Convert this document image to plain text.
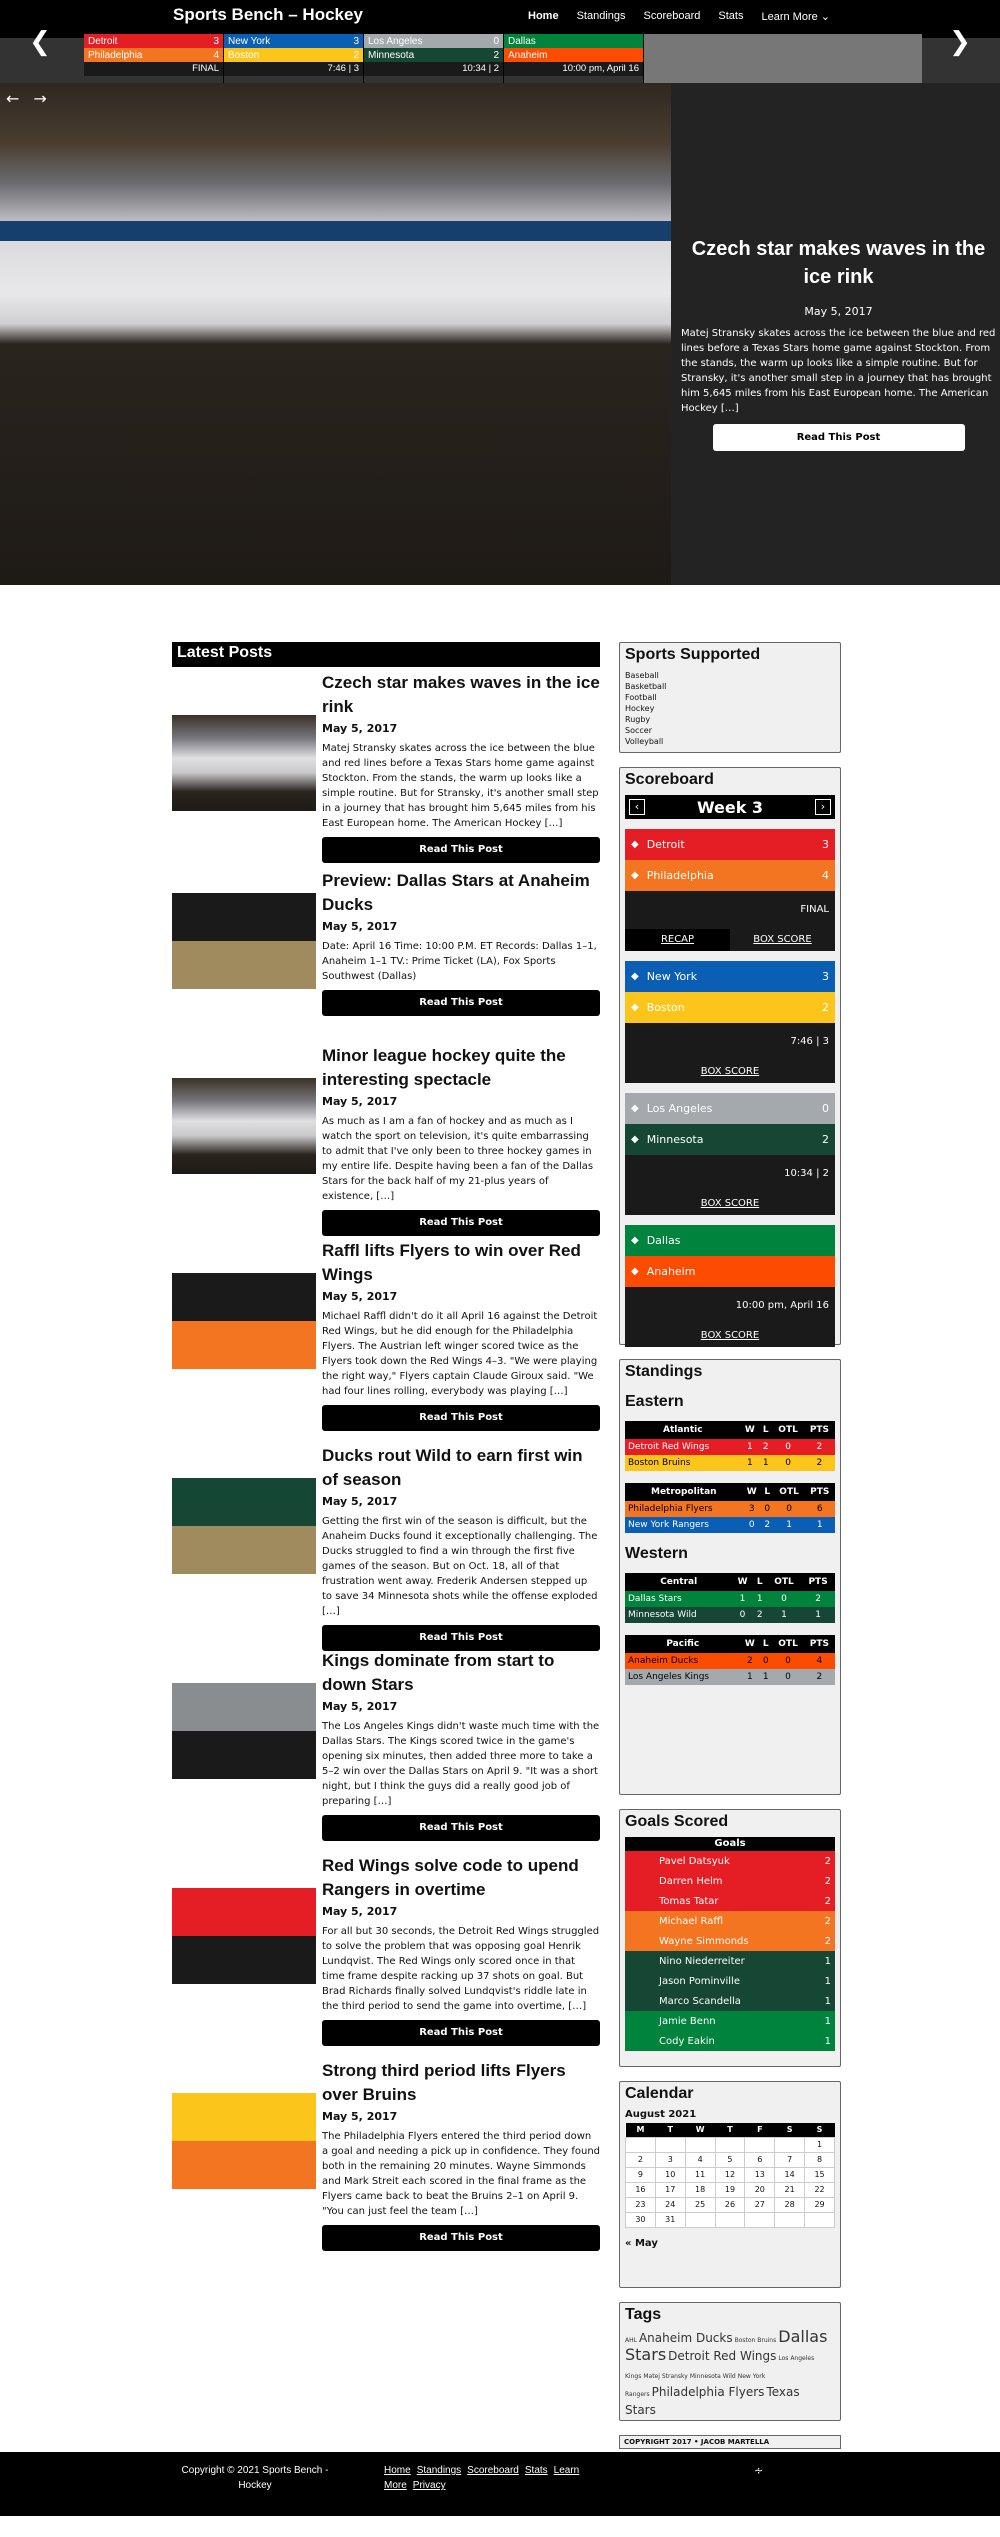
Sports Bench – Hockey	Home Standings Scoreboard Stats Learn More ⌄
❮	Detroit	3
Philadelphia	4
FINAL
New York	3
Boston	2
7:46 | 3
Los Angeles	0
Minnesota	2
10:34 | 2
Dallas
Anaheim
10:00 pm, April 16
❯
← →
Czech star makes waves in the ice rink
May 5, 2017
Matej Stransky skates across the ice between the blue and red lines before a Texas Stars home game against Stockton. From the stands, the warm up looks like a simple routine. But for Stransky, it's another small step in a journey that has brought him 5,645 miles from his East European home. The American Hockey […]
Read This Post
Latest Posts
Czech star makes waves in the ice rink
May 5, 2017
Matej Stransky skates across the ice between the blue and red lines before a Texas Stars home game against Stockton. From the stands, the warm up looks like a simple routine. But for Stransky, it's another small step in a journey that has brought him 5,645 miles from his East European home. The American Hockey […]
Read This Post
Preview: Dallas Stars at Anaheim Ducks
May 5, 2017
Date: April 16 Time: 10:00 P.M. ET Records: Dallas 1–1, Anaheim 1–1 TV.: Prime Ticket (LA), Fox Sports Southwest (Dallas)
Read This Post
Minor league hockey quite the interesting spectacle
May 5, 2017
As much as I am a fan of hockey and as much as I watch the sport on television, it's quite embarrassing to admit that I've only been to three hockey games in my entire life. Despite having been a fan of the Dallas Stars for the back half of my 21-plus years of existence, […]
Read This Post
Raffl lifts Flyers to win over Red Wings
May 5, 2017
Michael Raffl didn't do it all April 16 against the Detroit Red Wings, but he did enough for the Philadelphia Flyers. The Austrian left winger scored twice as the Flyers took down the Red Wings 4–3. "We were playing the right way," Flyers captain Claude Giroux said. "We had four lines rolling, everybody was playing […]
Read This Post
Ducks rout Wild to earn first win of season
May 5, 2017
Getting the first win of the season is difficult, but the Anaheim Ducks found it exceptionally challenging. The Ducks struggled to find a win through the first five games of the season. But on Oct. 18, all of that frustration went away. Frederik Andersen stepped up to save 34 Minnesota shots while the offense exploded […]
Read This Post
Kings dominate from start to down Stars
May 5, 2017
The Los Angeles Kings didn't waste much time with the Dallas Stars. The Kings scored twice in the game's opening six minutes, then added three more to take a 5–2 win over the Dallas Stars on April 9. "It was a short night, but I think the guys did a really good job of preparing […]
Read This Post
Red Wings solve code to upend Rangers in overtime
May 5, 2017
For all but 30 seconds, the Detroit Red Wings struggled to solve the problem that was opposing goal Henrik Lundqvist. The Red Wings only scored once in that time frame despite racking up 37 shots on goal. But Brad Richards finally solved Lundqvist's riddle late in the third period to send the game into overtime, […]
Read This Post
Strong third period lifts Flyers over Bruins
May 5, 2017
The Philadelphia Flyers entered the third period down a goal and needing a pick up in confidence. They found both in the remaining 20 minutes. Wayne Simmonds and Mark Streit each scored in the final frame as the Flyers came back to beat the Bruins 2–1 on April 9. "You can just feel the team […]
Read This Post
Sports Supported
Baseball
Basketball
Football
Hockey
Rugby
Soccer
Volleyball
Scoreboard
‹	Week 3	›
◆ Detroit	3
◆ Philadelphia	4
FINAL
RECAP	BOX SCORE
◆ New York	3
◆ Boston	2
7:46 | 3
BOX SCORE
◆ Los Angeles	0
◆ Minnesota	2
10:34 | 2
BOX SCORE
◆ Dallas
◆ Anaheim
10:00 pm, April 16
BOX SCORE
Standings
Eastern
Atlantic	W	L	OTL	PTS
Detroit Red Wings	1	2	0	2
Boston Bruins	1	1	0	2
Metropolitan	W	L	OTL	PTS
Philadelphia Flyers	3	0	0	6
New York Rangers	0	2	1	1
Western
Central	W	L	OTL	PTS
Dallas Stars	1	1	0	2
Minnesota Wild	0	2	1	1
Pacific	W	L	OTL	PTS
Anaheim Ducks	2	0	0	4
Los Angeles Kings	1	1	0	2
Goals Scored
Goals
Pavel Datsyuk	2
Darren Helm	2
Tomas Tatar	2
Michael Raffl	2
Wayne Simmonds	2
Nino Niederreiter	1
Jason Pominville	1
Marco Scandella	1
Jamie Benn	1
Cody Eakin	1
Calendar
August 2021
M	T	W	T	F	S	S
						1
2	3	4	5	6	7	8
9	10	11	12	13	14	15
16	17	18	19	20	21	22
23	24	25	26	27	28	29
30	31					
« May
Tags
AHL Anaheim Ducks Boston Bruins Dallas Stars Detroit Red Wings Los Angeles Kings Matej Stransky Minnesota Wild New York Rangers Philadelphia Flyers Texas Stars
COPYRIGHT 2017 • JACOB MARTELLA
Copyright © 2021 Sports Bench - Hockey
Home Standings Scoreboard Stats Learn More Privacy
∻
